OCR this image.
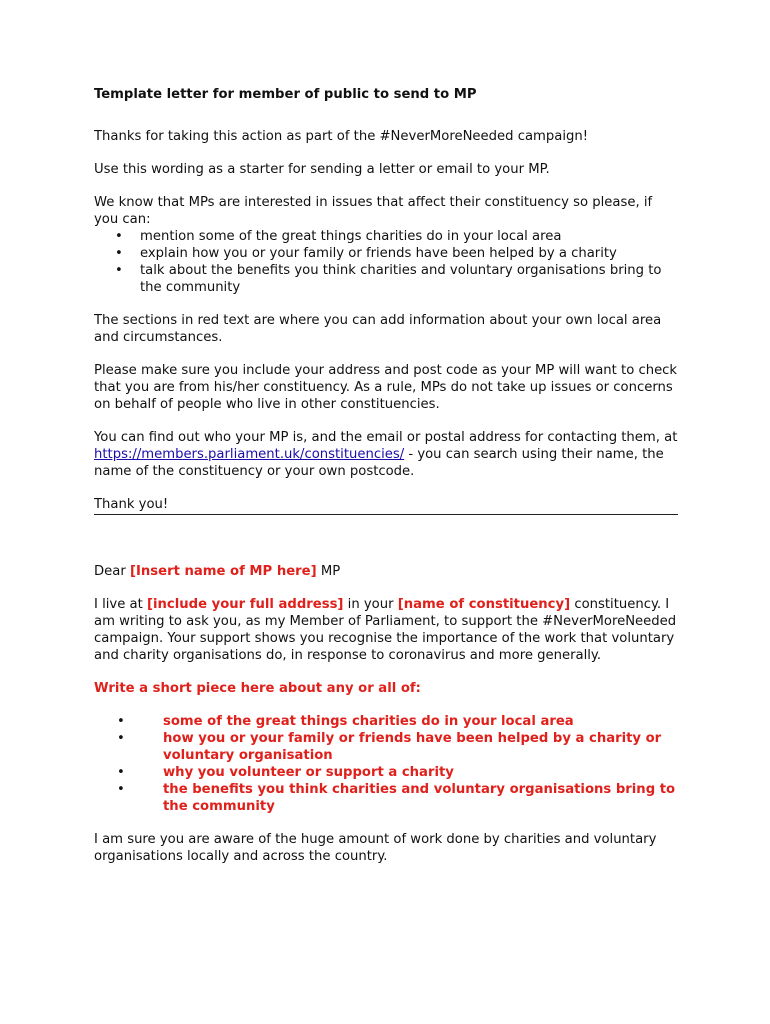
Template letter for member of public to send to MP

Thanks for taking this action as part of the #NeverMoreNeeded campaign!

Use this wording as a starter for sending a letter or email to your MP.

We know that MPs are interested in issues that affect their constituency so please, if you can:

• mention some of the great things charities do in your local area
• explain how you or your family or friends have been helped by a charity
• talk about the benefits you think charities and voluntary organisations bring to the community

The sections in red text are where you can add information about your own local area and circumstances.

Please make sure you include your address and post code as your MP will want to check that you are from his/her constituency. As a rule, MPs do not take up issues or concerns on behalf of people who live in other constituencies.

You can find out who your MP is, and the email or postal address for contacting them, at https://members.parliament.uk/constituencies/ - you can search using their name, the name of the constituency or your own postcode.

Thank you!

Dear [Insert name of MP here] MP

I live at [include your full address] in your [name of constituency] constituency. I am writing to ask you, as my Member of Parliament, to support the #NeverMoreNeeded campaign. Your support shows you recognise the importance of the work that voluntary and charity organisations do, in response to coronavirus and more generally.

Write a short piece here about any or all of:

•	some of the great things charities do in your local area
•	how you or your family or friends have been helped by a charity or voluntary organisation
•	why you volunteer or support a charity
•	the benefits you think charities and voluntary organisations bring to the community

I am sure you are aware of the huge amount of work done by charities and voluntary organisations locally and across the country.
